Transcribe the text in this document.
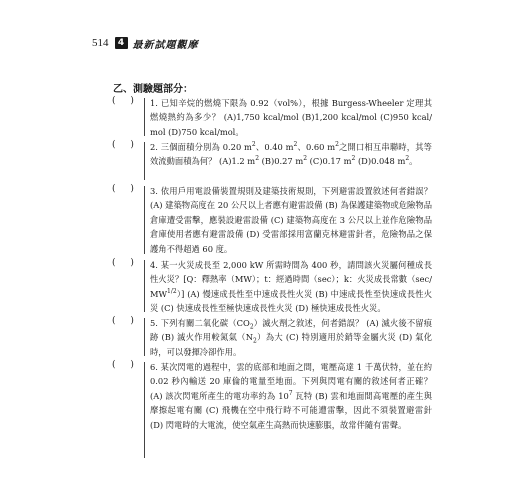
514	4 最新試題觀摩
乙、測驗題部分：
( ) 1. 已知辛烷的燃燒下限為 0.92（vol%），根據 Burgess-Wheeler 定理其燃燒熱約為多少？ (A)1,750 kcal/mol (B)1,200 kcal/mol (C)950 kcal/mol (D)750 kcal/mol。
( ) 2. 三個面積分別為 0.20 $m^2$、0.40 $m^2$、0.60 $m^2$之開口相互串聯時，其等效流動面積為何？ (A)1.2 $m^2$ (B)0.27 $m^2$ (C)0.17 $m^2$ (D)0.048 $m^2$。
( ) 3. 依用戶用電設備裝置規則及建築技術規則，下列避雷設置敘述何者錯誤？ (A) 建築物高度在 20 公尺以上者應有避雷設備 (B) 為保護建築物或危險物品倉庫遭受雷擊，應裝設避雷設備 (C) 建築物高度在 3 公尺以上並作危險物品倉庫使用者應有避雷設備 (D) 受雷部採用富蘭克林避雷針者，危險物品之保護角不得超過 60 度。
( ) 4. 某一火災成長至 2,000 kW 所需時間為 400 秒，請問該火災屬何種成長性火災？[Q：釋熱率（MW）；t：經過時間（sec）；k：火災成長常數$(\sec/MW^{1/2})$] (A) 慢速成長性至中速成長性火災 (B) 中速成長性至快速成長性火災 (C) 快速成長性至極快速成長性火災 (D) 極快速成長性火災。
( ) 5. 下列有關二氧化碳$(CO_2)$滅火劑之敘述，何者錯誤？ (A) 滅火後不留痕跡 (B) 滅火作用較氮氣$(N_2)$為大 (C) 特別適用於銷等金屬火災 (D) 氣化時，可以發揮冷卻作用。
( ) 6. 某次閃電的過程中，雲的底部和地面之間，電壓高達 1 千萬伏特，並在約 0.02 秒內輸送 20 庫倫的電量至地面。下列與閃電有關的敘述何者正確？ (A) 該次閃電所產生的電功率約為 $10^7$ 瓦特 (B) 雲和地面間高電壓的產生與摩擦起電有關 (C) 飛機在空中飛行時不可能遭雷擊，因此不須裝置避雷針 (D) 閃電時的大電流，使空氣產生高熱而快速膨脹，故常伴隨有雷聲。
